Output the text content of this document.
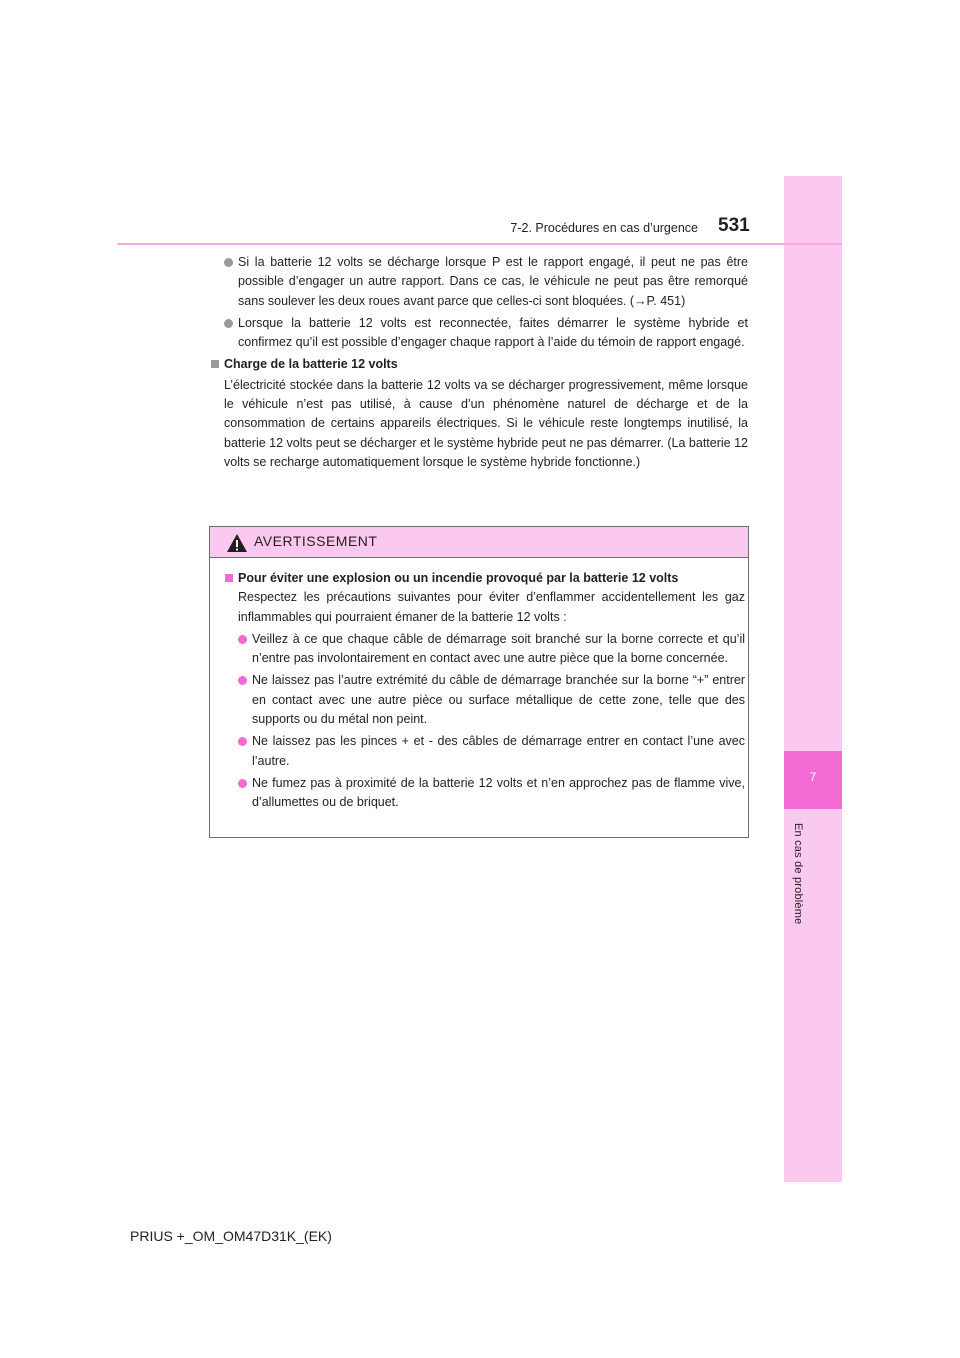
7
En cas de problème
7-2. Procédures en cas d’urgence 531
Si la batterie 12 volts se décharge lorsque P est le rapport engagé, il peut ne pas être possible d’engager un autre rapport. Dans ce cas, le véhicule ne peut pas être remorqué sans soulever les deux roues avant parce que celles-ci sont bloquées. (→P. 451)
Lorsque la batterie 12 volts est reconnectée, faites démarrer le système hybride et confirmez qu’il est possible d’engager chaque rapport à l’aide du témoin de rapport engagé.
Charge de la batterie 12 volts
L’électricité stockée dans la batterie 12 volts va se décharger progressivement, même lorsque le véhicule n’est pas utilisé, à cause d’un phénomène naturel de décharge et de la consommation de certains appareils électriques. Si le véhicule reste longtemps inutilisé, la batterie 12 volts peut se décharger et le système hybride peut ne pas démarrer. (La batterie 12 volts se recharge automatiquement lorsque le système hybride fonctionne.)
AVERTISSEMENT
Pour éviter une explosion ou un incendie provoqué par la batterie 12 volts
Respectez les précautions suivantes pour éviter d’enflammer accidentellement les gaz inflammables qui pourraient émaner de la batterie 12 volts :
Veillez à ce que chaque câble de démarrage soit branché sur la borne correcte et qu’il n’entre pas involontairement en contact avec une autre pièce que la borne concernée.
Ne laissez pas l’autre extrémité du câble de démarrage branchée sur la borne “+” entrer en contact avec une autre pièce ou surface métallique de cette zone, telle que des supports ou du métal non peint.
Ne laissez pas les pinces + et - des câbles de démarrage entrer en contact l’une avec l’autre.
Ne fumez pas à proximité de la batterie 12 volts et n’en approchez pas de flamme vive, d’allumettes ou de briquet.
PRIUS +_OM_OM47D31K_(EK)
